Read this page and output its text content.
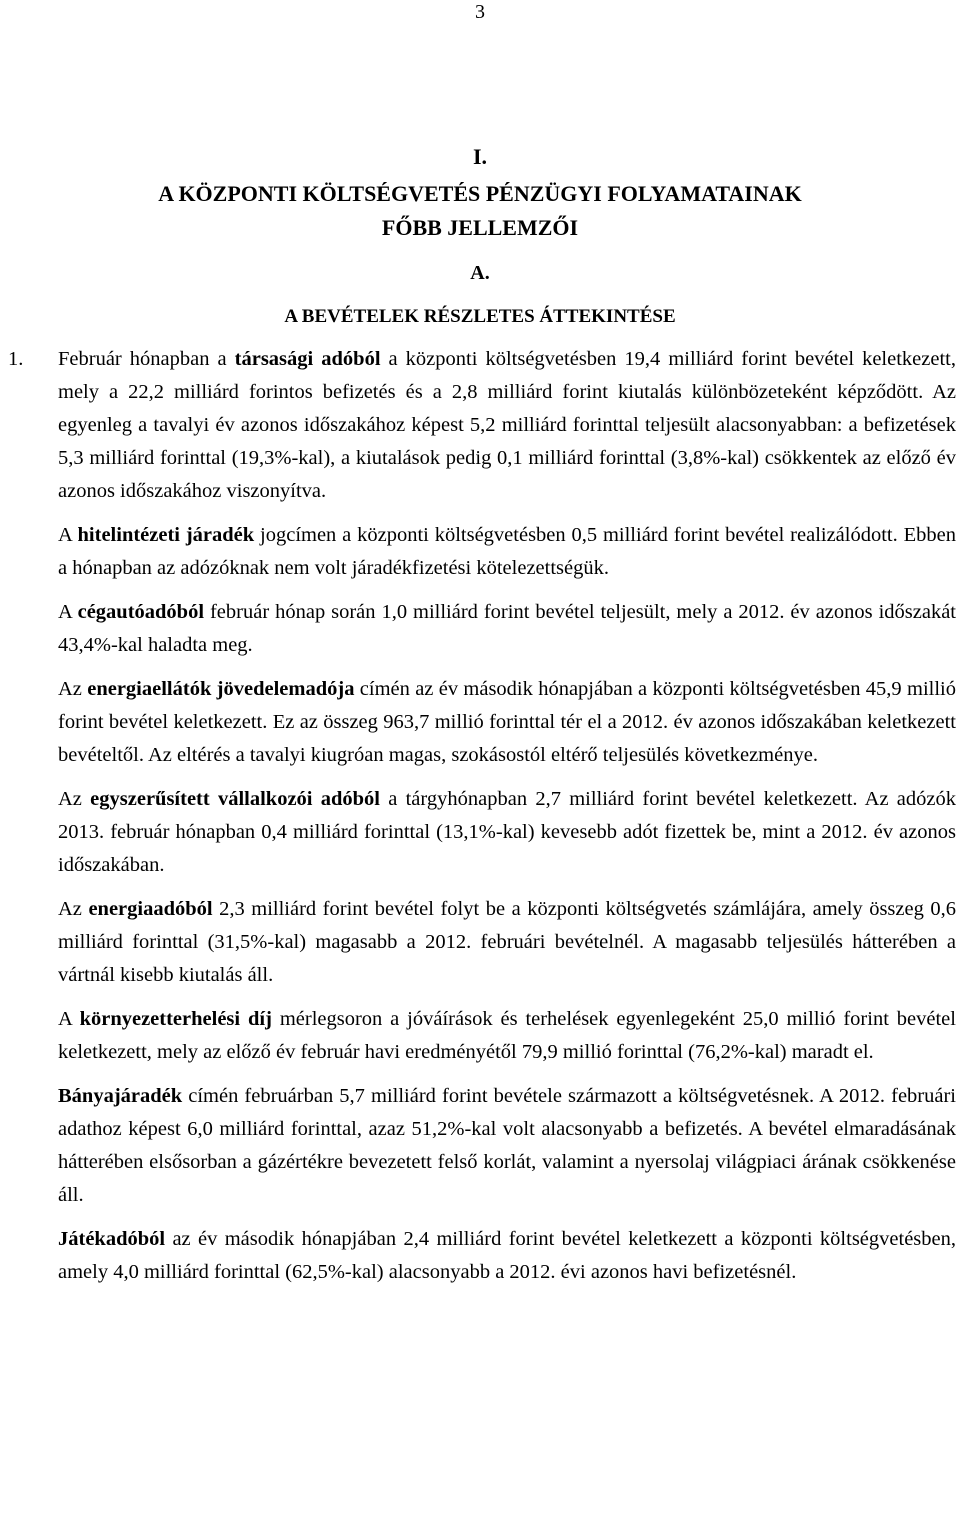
3
I.
A KÖZPONTI KÖLTSÉGVETÉS PÉNZÜGYI FOLYAMATAINAK
FŐBB JELLEMZŐI
A.
A BEVÉTELEK RÉSZLETES ÁTTEKINTÉSE

1. Február hónapban a társasági adóból a központi költségvetésben 19,4 milliárd forint bevétel keletkezett, mely a 22,2 milliárd forintos befizetés és a 2,8 milliárd forint kiutalás különbözeteként képződött. Az egyenleg a tavalyi év azonos időszakához képest 5,2 milliárd forinttal teljesült alacsonyabban: a befizetések 5,3 milliárd forinttal (19,3%-kal), a kiutalások pedig 0,1 milliárd forinttal (3,8%-kal) csökkentek az előző év azonos időszakához viszonyítva.

A hitelintézeti járadék jogcímen a központi költségvetésben 0,5 milliárd forint bevétel realizálódott. Ebben a hónapban az adózóknak nem volt járadékfizetési kötelezettségük.

A cégautóadóból február hónap során 1,0 milliárd forint bevétel teljesült, mely a 2012. év azonos időszakát 43,4%-kal haladta meg.

Az energiaellátók jövedelemadója címén az év második hónapjában a központi költségvetésben 45,9 millió forint bevétel keletkezett. Ez az összeg 963,7 millió forinttal tér el a 2012. év azonos időszakában keletkezett bevételtől. Az eltérés a tavalyi kiugróan magas, szokásostól eltérő teljesülés következménye.

Az egyszerűsített vállalkozói adóból a tárgyhónapban 2,7 milliárd forint bevétel keletkezett. Az adózók 2013. február hónapban 0,4 milliárd forinttal (13,1%-kal) kevesebb adót fizettek be, mint a 2012. év azonos időszakában.

Az energiaadóból 2,3 milliárd forint bevétel folyt be a központi költségvetés számlájára, amely összeg 0,6 milliárd forinttal (31,5%-kal) magasabb a 2012. februári bevételnél. A magasabb teljesülés hátterében a vártnál kisebb kiutalás áll.

A környezetterhelési díj mérlegsoron a jóváírások és terhelések egyenlegeként 25,0 millió forint bevétel keletkezett, mely az előző év február havi eredményétől 79,9 millió forinttal (76,2%-kal) maradt el.

Bányajáradék címén februárban 5,7 milliárd forint bevétele származott a költségvetésnek. A 2012. februári adathoz képest 6,0 milliárd forinttal, azaz 51,2%-kal volt alacsonyabb a befizetés. A bevétel elmaradásának hátterében elsősorban a gázértékre bevezetett felső korlát, valamint a nyersolaj világpiaci árának csökkenése áll.

Játékadóból az év második hónapjában 2,4 milliárd forint bevétel keletkezett a központi költségvetésben, amely 4,0 milliárd forinttal (62,5%-kal) alacsonyabb a 2012. évi azonos havi befizetésnél.
